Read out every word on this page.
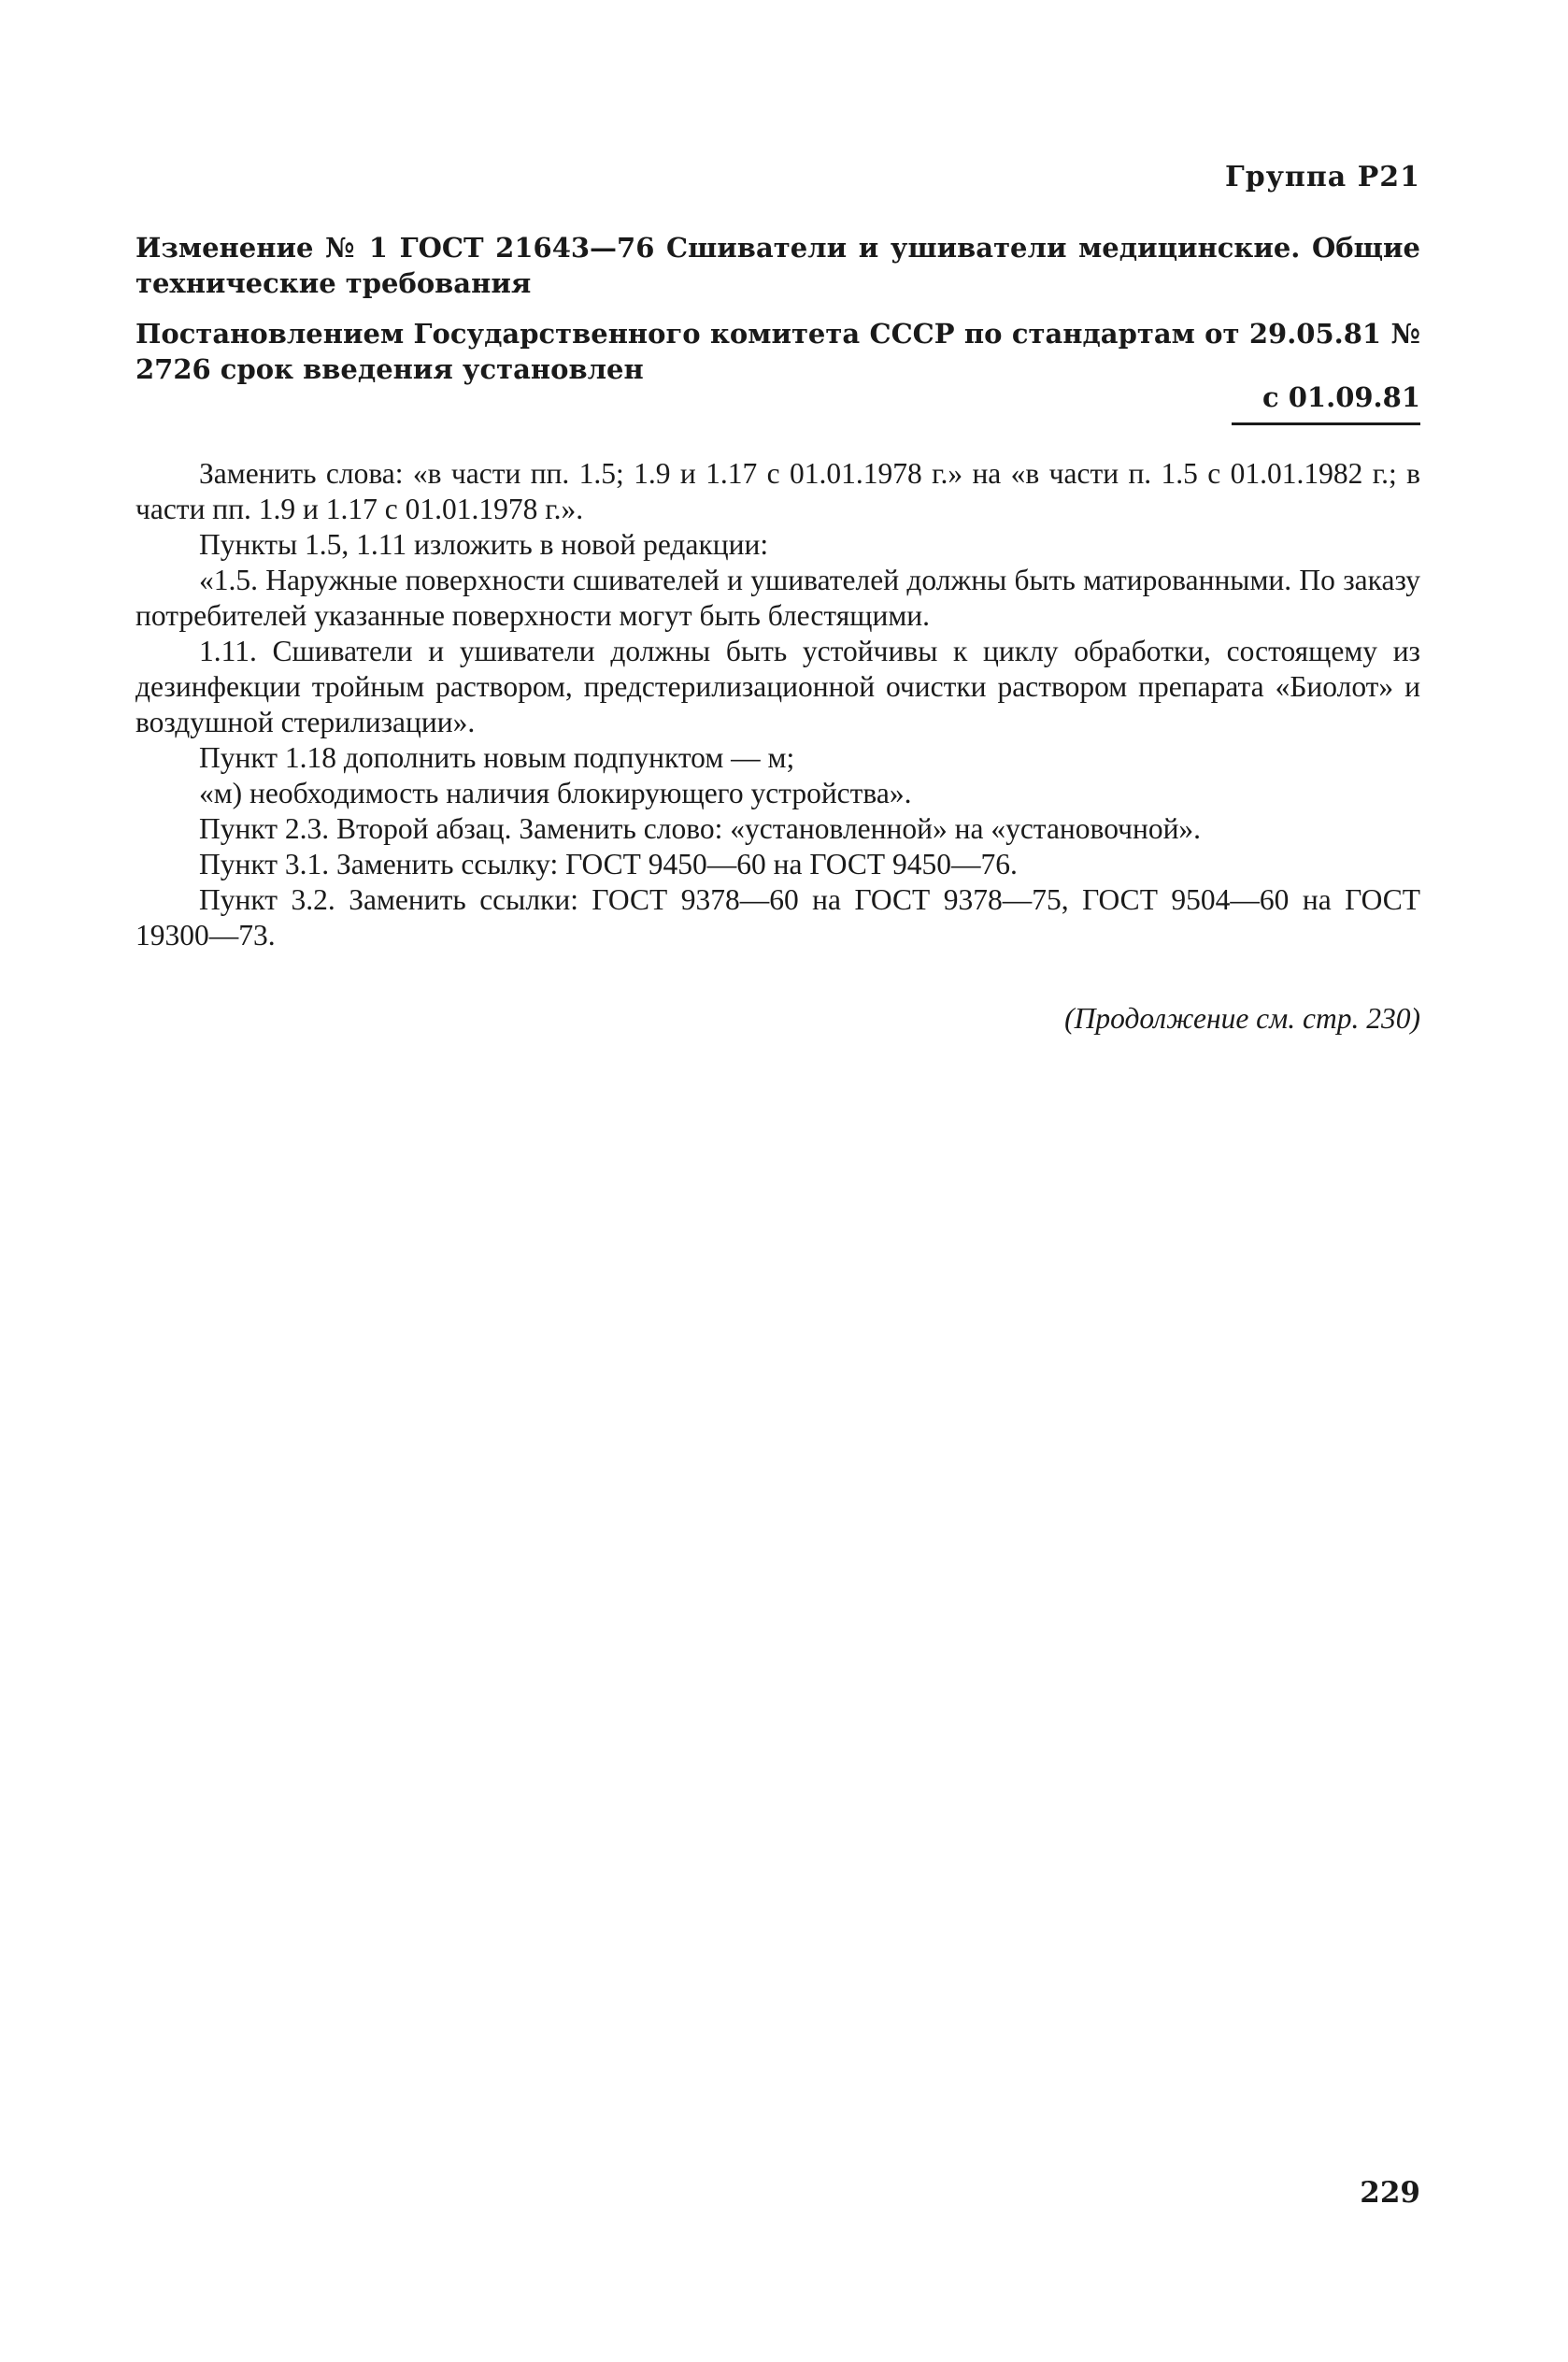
Группа Р21
Изменение № 1 ГОСТ 21643—76 Сшиватели и ушиватели медицинские. Общие технические требования
Постановлением Государственного комитета СССР по стандартам от 29.05.81 № 2726 срок введения установлен
с 01.09.81

Заменить слова: «в части пп. 1.5; 1.9 и 1.17 с 01.01.1978 г.» на «в части п. 1.5 с 01.01.1982 г.; в части пп. 1.9 и 1.17 с 01.01.1978 г.».

Пункты 1.5, 1.11 изложить в новой редакции:

«1.5. Наружные поверхности сшивателей и ушивателей должны быть матированными. По заказу потребителей указанные поверхности могут быть блестящими.

1.11. Сшиватели и ушиватели должны быть устойчивы к циклу обработки, состоящему из дезинфекции тройным раствором, предстерилизационной очистки раствором препарата «Биолот» и воздушной стерилизации».

Пункт 1.18 дополнить новым подпунктом — м;

«м) необходимость наличия блокирующего устройства».

Пункт 2.3. Второй абзац. Заменить слово: «установленной» на «установочной».

Пункт 3.1. Заменить ссылку: ГОСТ 9450—60 на ГОСТ 9450—76.

Пункт 3.2. Заменить ссылки: ГОСТ 9378—60 на ГОСТ 9378—75, ГОСТ 9504—60 на ГОСТ 19300—73.

(Продолжение см. стр. 230)
229
